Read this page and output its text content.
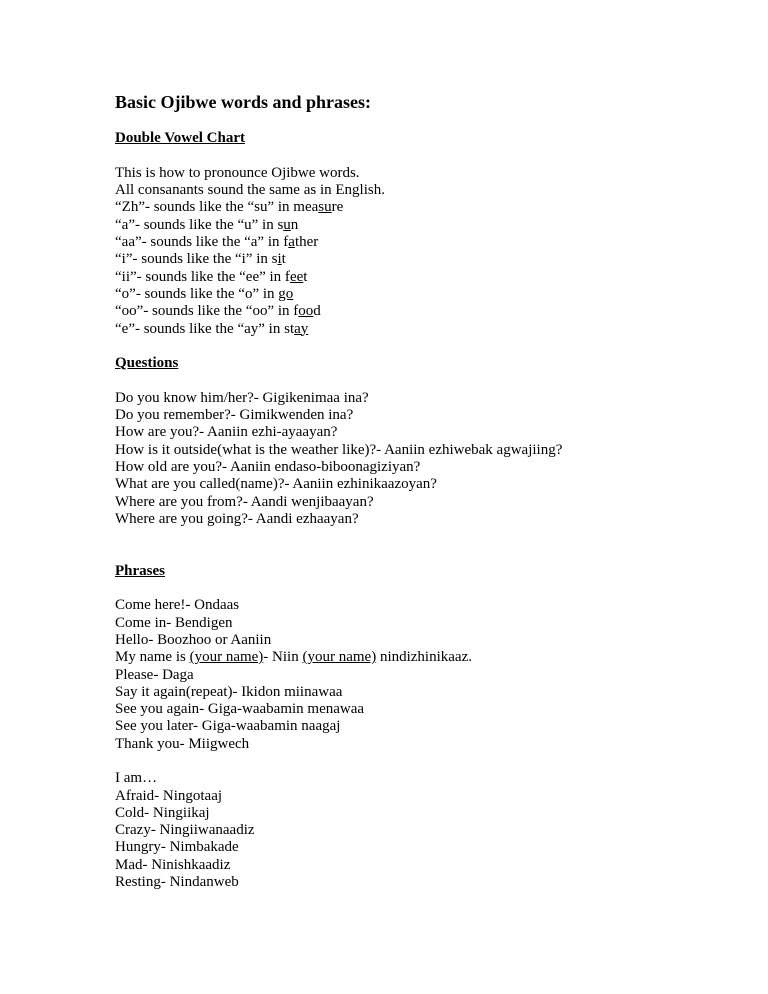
Basic Ojibwe words and phrases:
Double Vowel Chart
This is how to pronounce Ojibwe words.
All consanants sound the same as in English.
“Zh”- sounds like the “su” in measure
“a”- sounds like the “u” in sun
“aa”- sounds like the “a” in father
“i”- sounds like the “i” in sit
“ii”- sounds like the “ee” in feet
“o”- sounds like the “o” in go
“oo”- sounds like the “oo” in food
“e”- sounds like the “ay” in stay
Questions
Do you know him/her?- Gigikenimaa ina?
Do you remember?- Gimikwenden ina?
How are you?- Aaniin ezhi-ayaayan?
How is it outside(what is the weather like)?- Aaniin ezhiwebak agwajiing?
How old are you?- Aaniin endaso-biboonagiziyan?
What are you called(name)?- Aaniin ezhinikaazoyan?
Where are you from?- Aandi wenjibaayan?
Where are you going?- Aandi ezhaayan?
Phrases
Come here!- Ondaas
Come in- Bendigen
Hello- Boozhoo or Aaniin
My name is (your name)- Niin (your name) nindizhinikaaz.
Please- Daga
Say it again(repeat)- Ikidon miinawaa
See you again- Giga-waabamin menawaa
See you later- Giga-waabamin naagaj
Thank you- Miigwech
I am…
Afraid- Ningotaaj
Cold- Ningiikaj
Crazy- Ningiiwanaadiz
Hungry- Nimbakade
Mad- Ninishkaadiz
Resting- Nindanweb
